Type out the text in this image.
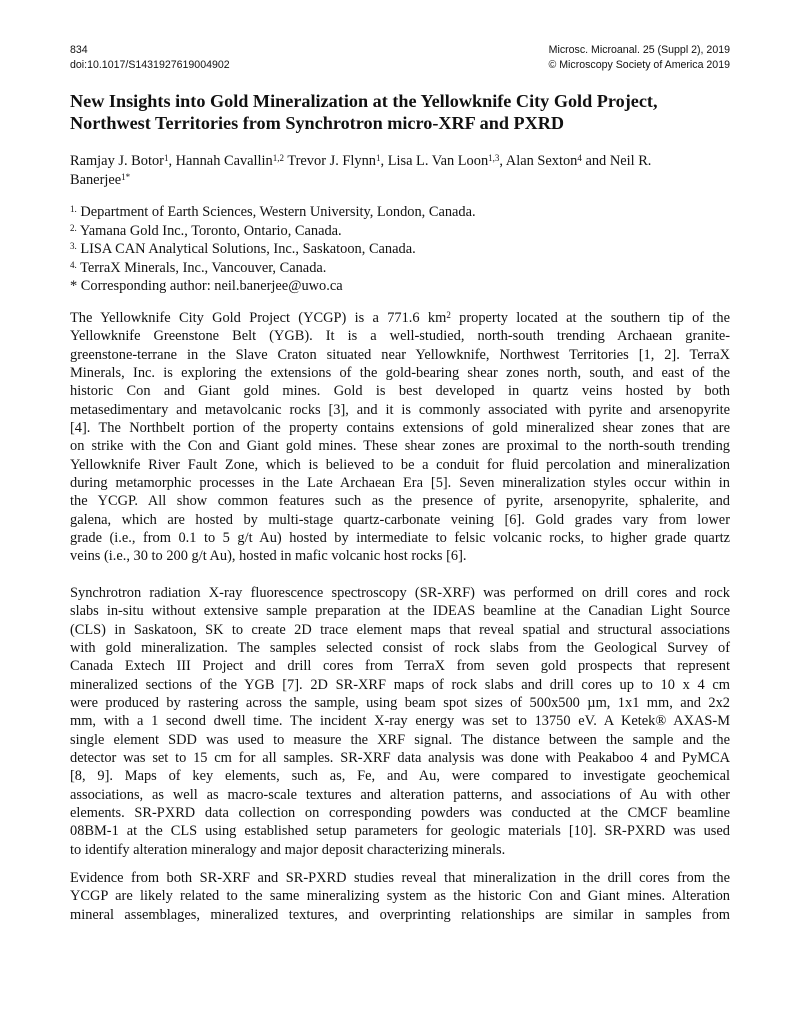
834
doi:10.1017/S1431927619004902
Microsc. Microanal. 25 (Suppl 2), 2019
© Microscopy Society of America 2019
New Insights into Gold Mineralization at the Yellowknife City Gold Project,
Northwest Territories from Synchrotron micro-XRF and PXRD
Ramjay J. Botor$^1$, Hannah Cavallin$^{1,2}$ Trevor J. Flynn$^1$, Lisa L. Van Loon$^{1,3}$, Alan Sexton$^4$ and Neil R.
Banerjee$^{1*}$
$^{1.}$ Department of Earth Sciences, Western University, London, Canada.
$^{2.}$ Yamana Gold Inc., Toronto, Ontario, Canada.
$^{3.}$ LISA CAN Analytical Solutions, Inc., Saskatoon, Canada.
$^{4.}$ TerraX Minerals, Inc., Vancouver, Canada.
* Corresponding author: neil.banerjee@uwo.ca
The Yellowknife City Gold Project (YCGP) is a 771.6 $km^2$ property located at the southern tip of the
Yellowknife Greenstone Belt (YGB). It is a well-studied, north-south trending Archaean granite-
greenstone-terrane in the Slave Craton situated near Yellowknife, Northwest Territories [1, 2]. TerraX
Minerals, Inc. is exploring the extensions of the gold-bearing shear zones north, south, and east of the
historic Con and Giant gold mines. Gold is best developed in quartz veins hosted by both
metasedimentary and metavolcanic rocks [3], and it is commonly associated with pyrite and arsenopyrite
[4]. The Northbelt portion of the property contains extensions of gold mineralized shear zones that are
on strike with the Con and Giant gold mines. These shear zones are proximal to the north-south trending
Yellowknife River Fault Zone, which is believed to be a conduit for fluid percolation and mineralization
during metamorphic processes in the Late Archaean Era [5]. Seven mineralization styles occur within in
the YCGP. All show common features such as the presence of pyrite, arsenopyrite, sphalerite, and
galena, which are hosted by multi-stage quartz-carbonate veining [6]. Gold grades vary from lower
grade (i.e., from 0.1 to 5 g/t Au) hosted by intermediate to felsic volcanic rocks, to higher grade quartz
veins (i.e., 30 to 200 g/t Au), hosted in mafic volcanic host rocks [6].
Synchrotron radiation X-ray fluorescence spectroscopy (SR-XRF) was performed on drill cores and rock
slabs in-situ without extensive sample preparation at the IDEAS beamline at the Canadian Light Source
(CLS) in Saskatoon, SK to create 2D trace element maps that reveal spatial and structural associations
with gold mineralization. The samples selected consist of rock slabs from the Geological Survey of
Canada Extech III Project and drill cores from TerraX from seven gold prospects that represent
mineralized sections of the YGB [7]. 2D SR-XRF maps of rock slabs and drill cores up to 10 x 4 cm
were produced by rastering across the sample, using beam spot sizes of 500x500 µm, 1x1 mm, and 2x2
mm, with a 1 second dwell time. The incident X-ray energy was set to 13750 eV. A Ketek® AXAS-M
single element SDD was used to measure the XRF signal. The distance between the sample and the
detector was set to 15 cm for all samples. SR-XRF data analysis was done with Peakaboo 4 and PyMCA
[8, 9]. Maps of key elements, such as, Fe, and Au, were compared to investigate geochemical
associations, as well as macro-scale textures and alteration patterns, and associations of Au with other
elements. SR-PXRD data collection on corresponding powders was conducted at the CMCF beamline
08BM-1 at the CLS using established setup parameters for geologic materials [10]. SR-PXRD was used
to identify alteration mineralogy and major deposit characterizing minerals.
Evidence from both SR-XRF and SR-PXRD studies reveal that mineralization in the drill cores from the
YCGP are likely related to the same mineralizing system as the historic Con and Giant mines. Alteration
mineral assemblages, mineralized textures, and overprinting relationships are similar in samples from
